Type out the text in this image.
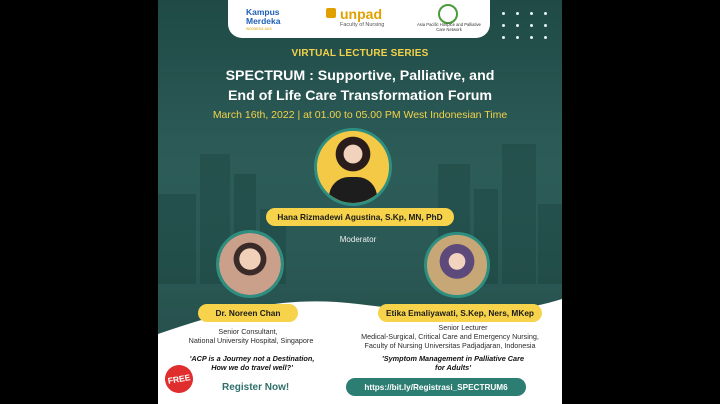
Kampus Merdeka
INDONESIA JAYA
unpad
Faculty of Nursing	Asia Pacific Hospice and Palliative Care Network
VIRTUAL LECTURE SERIES
SPECTRUM : Supportive, Palliative, and
End of Life Care Transformation Forum
March 16th, 2022 | at 01.00 to 05.00 PM West Indonesian Time
Hana Rizmadewi Agustina, S.Kp, MN, PhD
Moderator
Dr. Noreen Chan
Senior Consultant,
National University Hospital, Singapore
'ACP is a Journey not a Destination,
How we do travel well?'
Etika Emaliyawati, S.Kep, Ners, MKep
Senior Lecturer
Medical-Surgical, Critical Care and Emergency Nursing,
Faculty of Nursing Universitas Padjadjaran, Indonesia
'Symptom Management in Palliative Care
for Adults'
FREE
Register Now!	https://bit.ly/Registrasi_SPECTRUM6
